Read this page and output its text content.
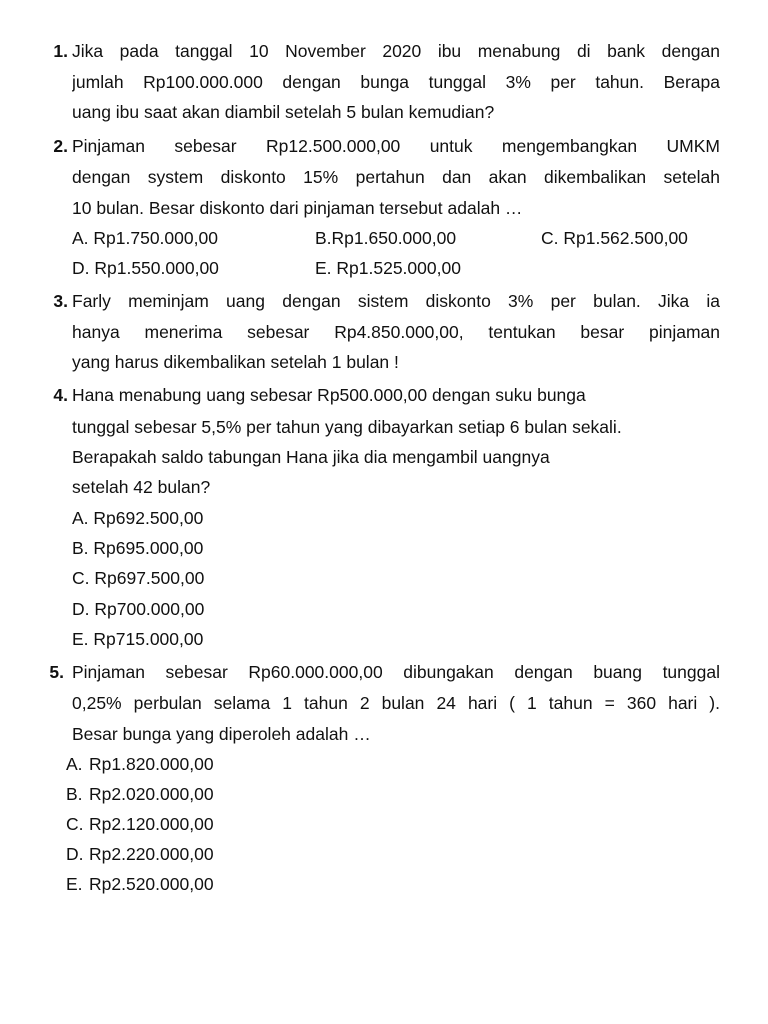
1. Jika pada tanggal 10 November 2020 ibu menabung di bank dengan
jumlah Rp100.000.000 dengan bunga tunggal 3% per tahun. Berapa
uang ibu saat akan diambil setelah 5 bulan kemudian?
2. Pinjaman sebesar Rp12.500.000,00 untuk mengembangkan UMKM
dengan system diskonto 15% pertahun dan akan dikembalikan setelah
10 bulan. Besar diskonto dari pinjaman tersebut adalah …
A. Rp1.750.000,00	B.Rp1.650.000,00	C. Rp1.562.500,00
D. Rp1.550.000,00	E. Rp1.525.000,00
3. Farly meminjam uang dengan sistem diskonto 3% per bulan. Jika ia
hanya menerima sebesar Rp4.850.000,00, tentukan besar pinjaman
yang harus dikembalikan setelah 1 bulan !
4. Hana menabung uang sebesar Rp500.000,00 dengan suku bunga
tunggal sebesar 5,5% per tahun yang dibayarkan setiap 6 bulan sekali.
Berapakah saldo tabungan Hana jika dia mengambil uangnya
setelah 42 bulan?
A. Rp692.500,00
B. Rp695.000,00
C. Rp697.500,00
D. Rp700.000,00
E. Rp715.000,00
5. Pinjaman sebesar Rp60.000.000,00 dibungakan dengan buang tunggal
0,25% perbulan selama 1 tahun 2 bulan 24 hari ( 1 tahun = 360 hari ).
Besar bunga yang diperoleh adalah …
A. Rp1.820.000,00
B. Rp2.020.000,00
C. Rp2.120.000,00
D. Rp2.220.000,00
E. Rp2.520.000,00
